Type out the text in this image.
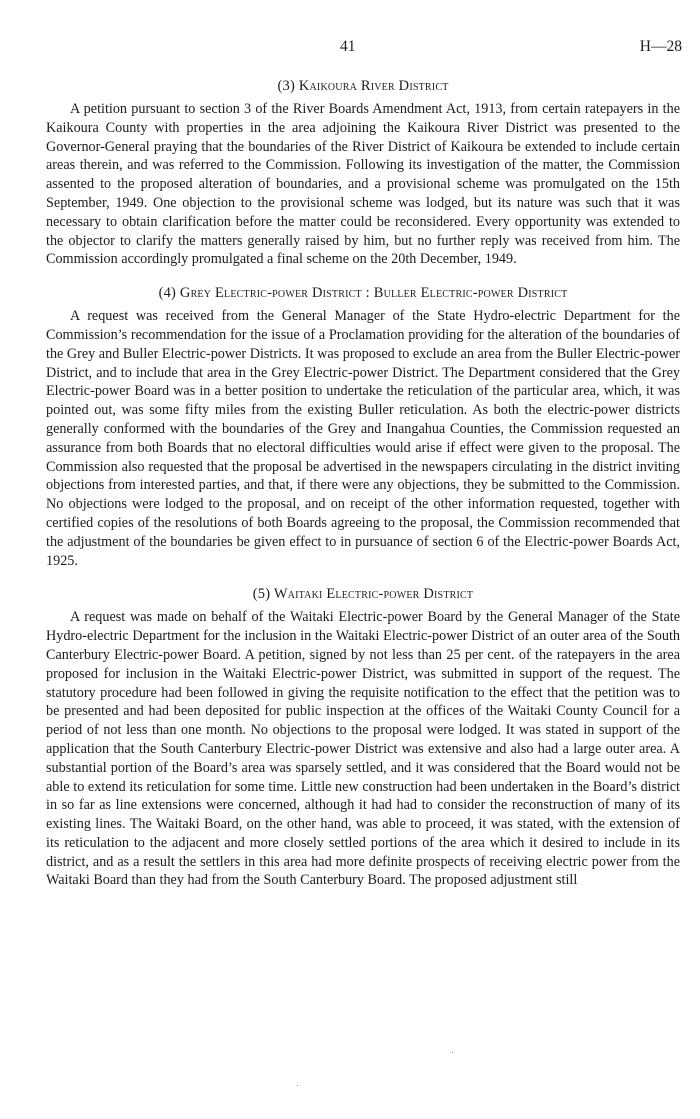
41	H—28
(3) Kaikoura River District

A petition pursuant to section 3 of the River Boards Amendment Act, 1913, from certain ratepayers in the Kaikoura County with properties in the area adjoining the Kaikoura River District was presented to the Governor-General praying that the boundaries of the River District of Kaikoura be extended to include certain areas therein, and was referred to the Commission. Following its investigation of the matter, the Commission assented to the proposed alteration of boundaries, and a provisional scheme was promulgated on the 15th September, 1949. One objection to the provisional scheme was lodged, but its nature was such that it was necessary to obtain clarification before the matter could be reconsidered. Every opportunity was extended to the objector to clarify the matters generally raised by him, but no further reply was received from him. The Commission accordingly promulgated a final scheme on the 20th December, 1949.

(4) Grey Electric-power District : Buller Electric-power District

A request was received from the General Manager of the State Hydro-electric Department for the Commission’s recommendation for the issue of a Proclamation providing for the alteration of the boundaries of the Grey and Buller Electric-power Districts. It was proposed to exclude an area from the Buller Electric-power District, and to include that area in the Grey Electric-power District. The Department considered that the Grey Electric-power Board was in a better position to undertake the reticulation of the particular area, which, it was pointed out, was some fifty miles from the existing Buller reticulation. As both the electric-power districts generally conformed with the boundaries of the Grey and Inangahua Counties, the Commission requested an assurance from both Boards that no electoral difficulties would arise if effect were given to the proposal. The Commission also requested that the proposal be advertised in the newspapers circulating in the district inviting objections from interested parties, and that, if there were any objections, they be submitted to the Commission. No objections were lodged to the proposal, and on receipt of the other information requested, together with certified copies of the resolutions of both Boards agreeing to the proposal, the Commission recommended that the adjustment of the boundaries be given effect to in pursuance of section 6 of the Electric-power Boards Act, 1925.

(5) Waitaki Electric-power District

A request was made on behalf of the Waitaki Electric-power Board by the General Manager of the State Hydro-electric Department for the inclusion in the Waitaki Electric-power District of an outer area of the South Canterbury Electric-power Board. A petition, signed by not less than 25 per cent. of the ratepayers in the area proposed for inclusion in the Waitaki Electric-power District, was submitted in support of the request. The statutory procedure had been followed in giving the requisite notification to the effect that the petition was to be presented and had been deposited for public inspection at the offices of the Waitaki County Council for a period of not less than one month. No objections to the proposal were lodged. It was stated in support of the application that the South Canterbury Electric-power District was extensive and also had a large outer area. A substantial portion of the Board’s area was sparsely settled, and it was considered that the Board would not be able to extend its reticulation for some time. Little new construction had been undertaken in the Board’s district in so far as line extensions were concerned, although it had had to consider the reconstruction of many of its existing lines. The Waitaki Board, on the other hand, was able to proceed, it was stated, with the extension of its reticulation to the adjacent and more closely settled portions of the area which it desired to include in its district, and as a result the settlers in this area had more definite prospects of receiving electric power from the Waitaki Board than they had from the South Canterbury Board. The proposed adjustment still
